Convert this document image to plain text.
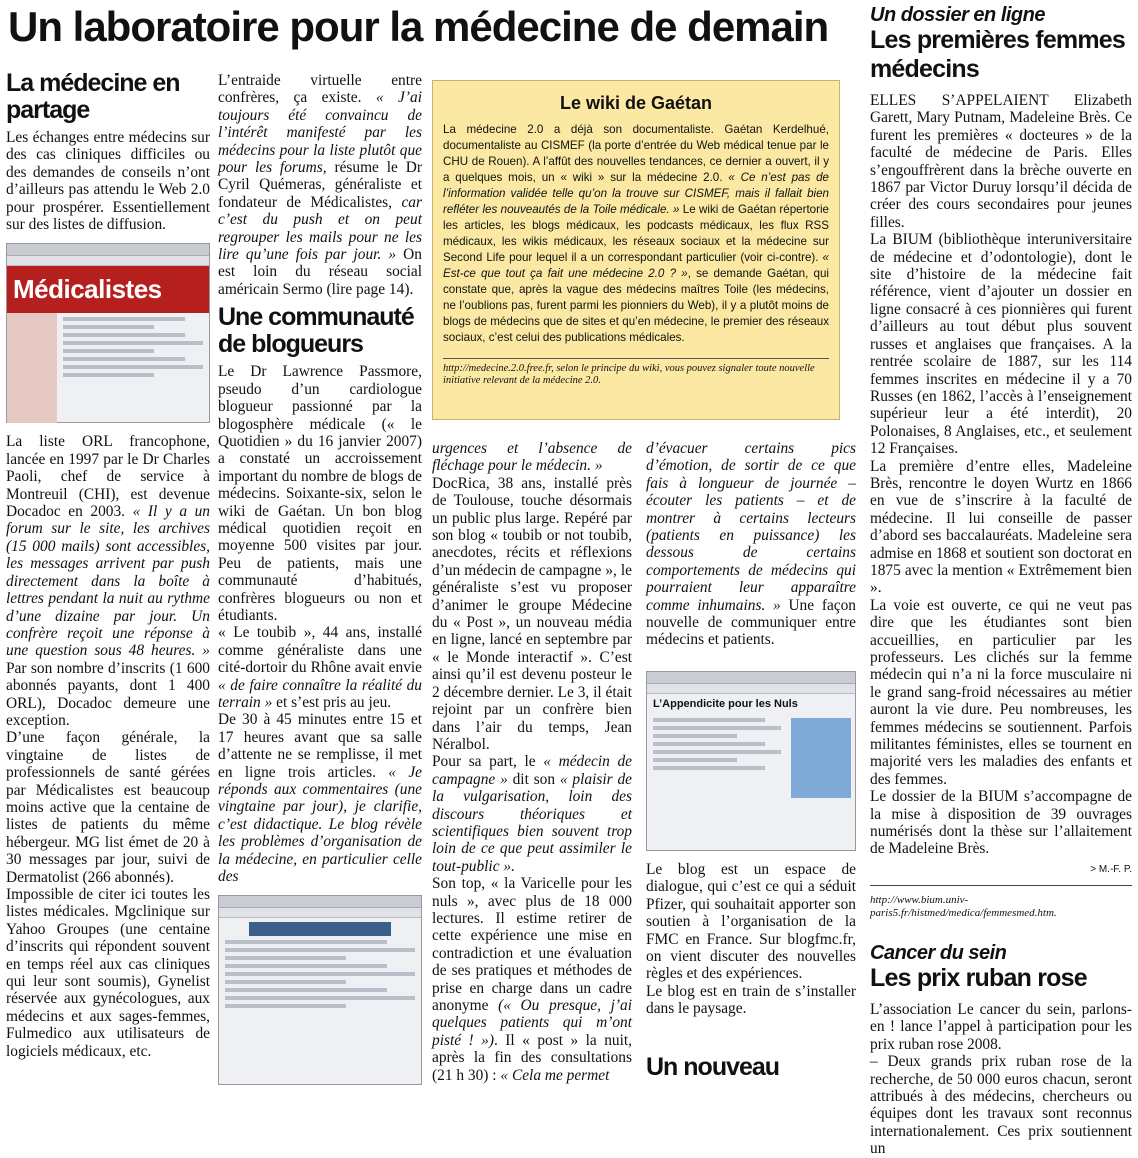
Un laboratoire pour la médecine de demain
La médecine en partage

Les échanges entre médecins sur des cas cliniques difficiles ou des demandes de conseils n’ont d’ailleurs pas attendu le Web 2.0 pour prospérer. Essentiellement sur des listes de diffusion.

Médicalistes

La liste ORL francophone, lancée en 1997 par le Dr Charles Paoli, chef de service à Montreuil (CHI), est devenue Docadoc en 2003. « Il y a un forum sur le site, les archives (15 000 mails) sont accessibles, les messages arrivent par push directement dans la boîte à lettres pendant la nuit au rythme d’une dizaine par jour. Un confrère reçoit une réponse à une question sous 48 heures. » Par son nombre d’inscrits (1 600 abonnés payants, dont 1 400 ORL), Docadoc demeure une exception.

D’une façon générale, la vingtaine de listes de professionnels de santé gérées par Médicalistes est beaucoup moins active que la centaine de listes de patients du même hébergeur. MG list émet de 20 à 30 messages par jour, suivi de Dermatolist (266 abonnés).

Impossible de citer ici toutes les listes médicales. Mgclinique sur Yahoo Groupes (une centaine d’inscrits qui répondent souvent en temps réel aux cas cliniques qui leur sont soumis), Gynelist réservée aux gynécologues, aux médecins et aux sages-femmes, Fulmedico aux utilisateurs de logiciels médicaux, etc.

L’entraide virtuelle entre confrères, ça existe. « J’ai toujours été convaincu de l’intérêt manifesté par les médecins pour la liste plutôt que pour les forums, résume le Dr Cyril Quémeras, généraliste et fondateur de Médicalistes, car c’est du push et on peut regrouper les mails pour ne les lire qu’une fois par jour. » On est loin du réseau social américain Sermo (lire page 14).

Une communauté de blogueurs

Le Dr Lawrence Passmore, pseudo d’un cardiologue blogueur passionné par la blogosphère médicale (« le Quotidien » du 16 janvier 2007) a constaté un accroissement important du nombre de blogs de médecins. Soixante-six, selon le wiki de Gaétan. Un bon blog médical quotidien reçoit en moyenne 500 visites par jour. Peu de patients, mais une communauté d’habitués, confrères blogueurs ou non et étudiants.

« Le toubib », 44 ans, installé comme généraliste dans une cité-dortoir du Rhône avait envie « de faire connaître la réalité du terrain » et s’est pris au jeu.

De 30 à 45 minutes entre 15 et 17 heures avant que sa salle d’attente ne se remplisse, il met en ligne trois articles. « Je réponds aux commentaires (une vingtaine par jour), je clarifie, c’est didactique. Le blog révèle les problèmes d’organisation de la médecine, en particulier celle des

Le wiki de Gaétan

La médecine 2.0 a déjà son documentaliste. Gaétan Kerdelhué, documentaliste au CISMEF (la porte d’entrée du Web médical tenue par le CHU de Rouen). A l’affût des nouvelles tendances, ce dernier a ouvert, il y a quelques mois, un « wiki » sur la médecine 2.0. « Ce n’est pas de l’information validée telle qu’on la trouve sur CISMEF, mais il fallait bien refléter les nouveautés de la Toile médicale. » Le wiki de Gaétan répertorie les articles, les blogs médicaux, les podcasts médicaux, les flux RSS médicaux, les wikis médicaux, les réseaux sociaux et la médecine sur Second Life pour lequel il a un correspondant particulier (voir ci-contre). « Est-ce que tout ça fait une médecine 2.0 ? », se demande Gaétan, qui constate que, après la vague des médecins maîtres Toile (les médecins, ne l’oublions pas, furent parmi les pionniers du Web), il y a plutôt moins de blogs de médecins que de sites et qu’en médecine, le premier des réseaux sociaux, c’est celui des publications médicales.

http://medecine.2.0.free.fr, selon le principe du wiki, vous pouvez signaler toute nouvelle initiative relevant de la médecine 2.0.

urgences et l’absence de fléchage pour le médecin. »

DocRica, 38 ans, installé près de Toulouse, touche désormais un public plus large. Repéré par son blog « toubib or not toubib, anecdotes, récits et réflexions d’un médecin de campagne », le généraliste s’est vu proposer d’animer le groupe Médecine du « Post », un nouveau média en ligne, lancé en septembre par « le Monde interactif ». C’est ainsi qu’il est devenu posteur le 2 décembre dernier. Le 3, il était rejoint par un confrère bien dans l’air du temps, Jean Néralbol.

Pour sa part, le « médecin de campagne » dit son « plaisir de la vulgarisation, loin des discours théoriques et scientifiques bien souvent trop loin de ce que peut assimiler le tout-public ».

Son top, « la Varicelle pour les nuls », avec plus de 18 000 lectures. Il estime retirer de cette expérience une mise en contradiction et une évaluation de ses pratiques et méthodes de prise en charge dans un cadre anonyme (« Ou presque, j’ai quelques patients qui m’ont pisté ! »). Il « post » la nuit, après la fin des consultations (21 h 30) : « Cela me permet

d’évacuer certains pics d’émotion, de sortir de ce que fais à longueur de journée – écouter les patients – et de montrer à certains lecteurs (patients en puissance) les dessous de certains comportements de médecins qui pourraient leur apparaître comme inhumains. » Une façon nouvelle de communiquer entre médecins et patients.

L’Appendicite pour les Nuls

Le blog est un espace de dialogue, qui c’est ce qui a séduit Pfizer, qui souhaitait apporter son soutien à l’organisation de la FMC en France. Sur blogfmc.fr, on vient discuter des nouvelles règles et des expériences.

Le blog est en train de s’installer dans le paysage.

Un nouveau
Un dossier en ligne
Les premières femmes médecins

ELLES S’APPELAIENT Elizabeth Garett, Mary Putnam, Madeleine Brès. Ce furent les premières « docteures » de la faculté de médecine de Paris. Elles s’engouffrèrent dans la brèche ouverte en 1867 par Victor Duruy lorsqu’il décida de créer des cours secondaires pour jeunes filles.

La BIUM (bibliothèque interuniversitaire de médecine et d’odontologie), dont le site d’histoire de la médecine fait référence, vient d’ajouter un dossier en ligne consacré à ces pionnières qui furent d’ailleurs au tout début plus souvent russes et anglaises que françaises. A la rentrée scolaire de 1887, sur les 114 femmes inscrites en médecine il y a 70 Russes (en 1862, l’accès à l’enseignement supérieur leur a été interdit), 20 Polonaises, 8 Anglaises, etc., et seulement 12 Françaises.

La première d’entre elles, Madeleine Brès, rencontre le doyen Wurtz en 1866 en vue de s’inscrire à la faculté de médecine. Il lui conseille de passer d’abord ses baccalauréats. Madeleine sera admise en 1868 et soutient son doctorat en 1875 avec la mention « Extrêmement bien ».

La voie est ouverte, ce qui ne veut pas dire que les étudiantes sont bien accueillies, en particulier par les professeurs. Les clichés sur la femme médecin qui n’a ni la force musculaire ni le grand sang-froid nécessaires au métier auront la vie dure. Peu nombreuses, les femmes médecins se soutiennent. Parfois militantes féministes, elles se tournent en majorité vers les maladies des enfants et des femmes.

Le dossier de la BIUM s’accompagne de la mise à disposition de 39 ouvrages numérisés dont la thèse sur l’allaitement de Madeleine Brès.

> M.-F. P.

http://www.bium.univ-paris5.fr/histmed/medica/femmesmed.htm.

Cancer du sein
Les prix ruban rose

L’association Le cancer du sein, parlons-en ! lance l’appel à participation pour les prix ruban rose 2008.

– Deux grands prix ruban rose de la recherche, de 50 000 euros chacun, seront attribués à des médecins, chercheurs ou équipes dont les travaux sont reconnus internationalement. Ces prix soutiennent un
